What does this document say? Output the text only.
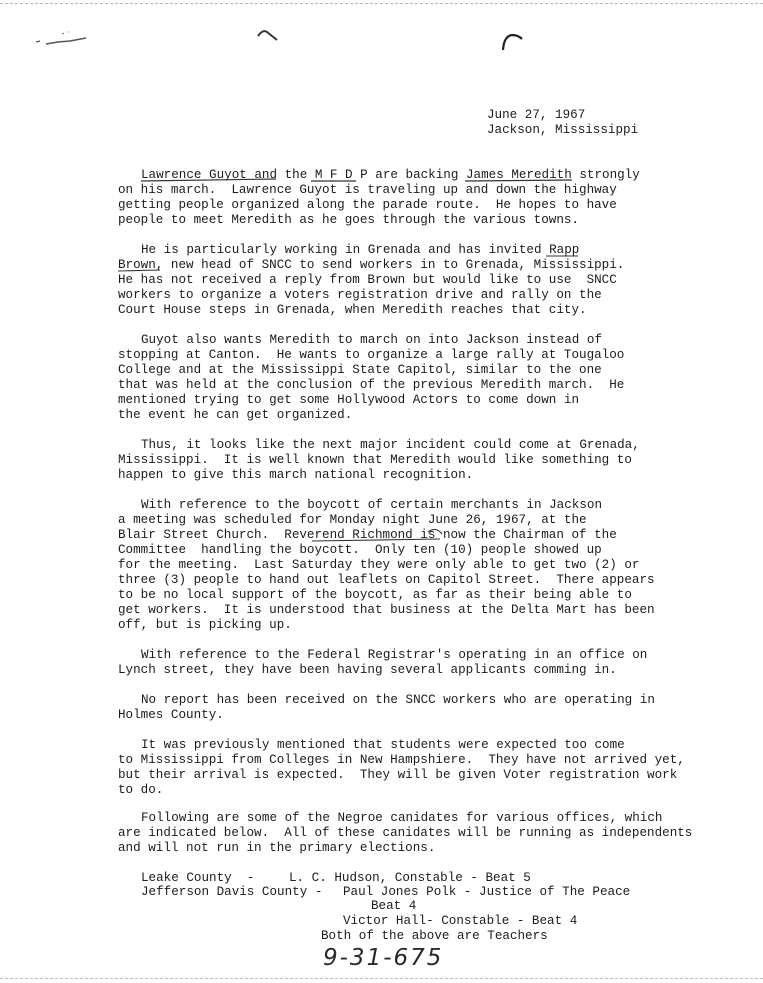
June 27, 1967
Jackson, Mississippi
Lawrence Guyot and the M F D P are backing James Meredith strongly
on his march.  Lawrence Guyot is traveling up and down the highway
getting people organized along the parade route.  He hopes to have
people to meet Meredith as he goes through the various towns.
He is particularly working in Grenada and has invited Rapp
Brown, new head of SNCC to send workers in to Grenada, Mississippi.
He has not received a reply from Brown but would like to use  SNCC
workers to organize a voters registration drive and rally on the
Court House steps in Grenada, when Meredith reaches that city.
Guyot also wants Meredith to march on into Jackson instead of
stopping at Canton.  He wants to organize a large rally at Tougaloo
College and at the Mississippi State Capitol, similar to the one
that was held at the conclusion of the previous Meredith march.  He
mentioned trying to get some Hollywood Actors to come down in
the event he can get organized.
Thus, it looks like the next major incident could come at Grenada,
Mississippi.  It is well known that Meredith would like something to
happen to give this march national recognition.
With reference to the boycott of certain merchants in Jackson
a meeting was scheduled for Monday night June 26, 1967, at the
Blair Street Church.  Reverend Richmond is now the Chairman of the
Committee  handling the boycott.  Only ten (10) people showed up
for the meeting.  Last Saturday they were only able to get two (2) or
three (3) people to hand out leaflets on Capitol Street.  There appears
to be no local support of the boycott, as far as their being able to
get workers.  It is understood that business at the Delta Mart has been
off, but is picking up.
With reference to the Federal Registrar's operating in an office on
Lynch street, they have been having several applicants comming in.
No report has been received on the SNCC workers who are operating in
Holmes County.
It was previously mentioned that students were expected too come
to Mississippi from Colleges in New Hampshiere.  They have not arrived yet,
but their arrival is expected.  They will be given Voter registration work
to do.
Following are some of the Negroe canidates for various offices, which
are indicated below.  All of these canidates will be running as independents
and will not run in the primary elections.
Leake County  -	L. C. Hudson, Constable - Beat 5
Jefferson Davis County - Paul Jones Polk - Justice of The Peace
Beat 4
Victor Hall- Constable - Beat 4
Both of the above are Teachers
9-31-675
